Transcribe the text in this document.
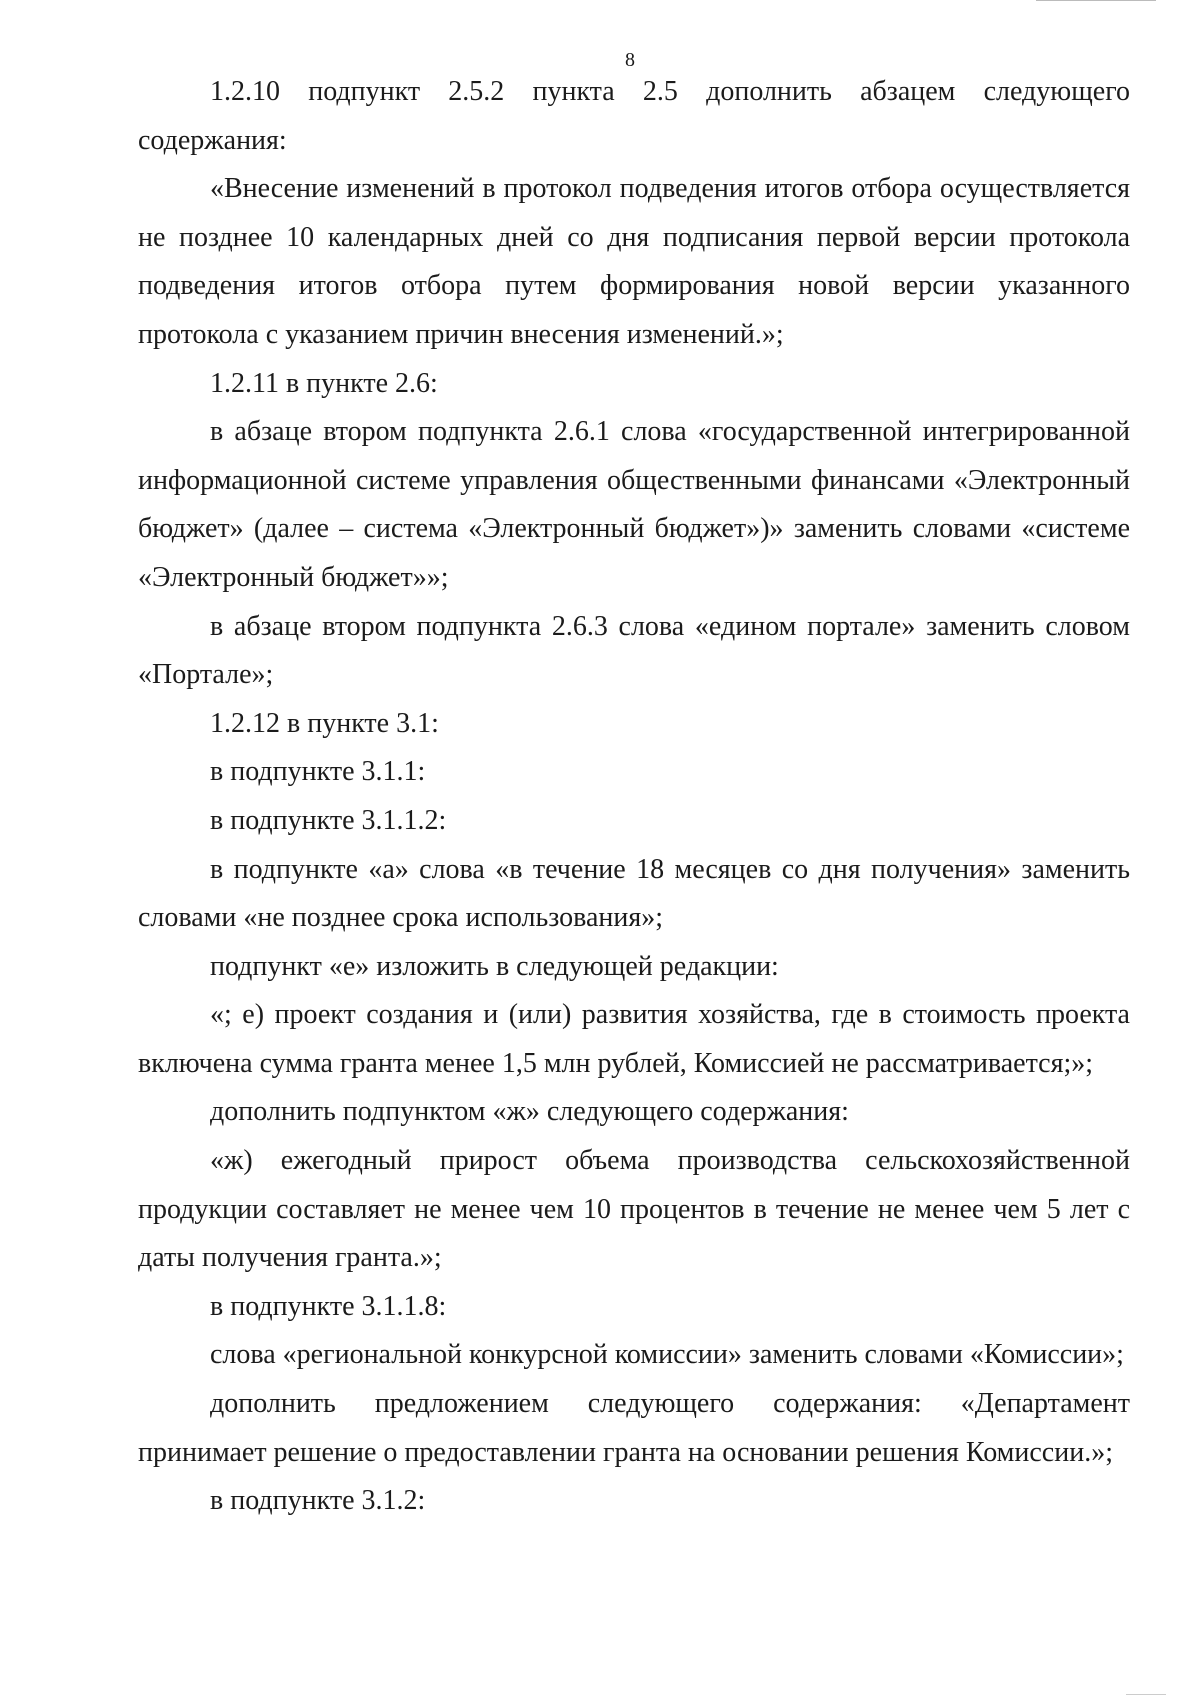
8

1.2.10 подпункт 2.5.2 пункта 2.5 дополнить абзацем следующего содержания:

«Внесение изменений в протокол подведения итогов отбора осуществляется не позднее 10 календарных дней со дня подписания первой версии протокола подведения итогов отбора путем формирования новой версии указанного протокола с указанием причин внесения изменений.»;

1.2.11 в пункте 2.6:

в абзаце втором подпункта 2.6.1 слова «государственной интегрированной информационной системе управления общественными финансами «Электронный бюджет» (далее – система «Электронный бюджет»)» заменить словами «системе «Электронный бюджет»»;

в абзаце втором подпункта 2.6.3 слова «едином портале» заменить словом «Портале»;

1.2.12 в пункте 3.1:

в подпункте 3.1.1:

в подпункте 3.1.1.2:

в подпункте «а» слова «в течение 18 месяцев со дня получения» заменить словами «не позднее срока использования»;

подпункт «е» изложить в следующей редакции:

«; е) проект создания и (или) развития хозяйства, где в стоимость проекта включена сумма гранта менее 1,5 млн рублей, Комиссией не рассматривается;»;

дополнить подпунктом «ж» следующего содержания:

«ж) ежегодный прирост объема производства сельскохозяйственной продукции составляет не менее чем 10 процентов в течение не менее чем 5 лет с даты получения гранта.»;

в подпункте 3.1.1.8:

слова «региональной конкурсной комиссии» заменить словами «Комиссии»;

дополнить предложением следующего содержания: «Департамент принимает решение о предоставлении гранта на основании решения Комиссии.»;

в подпункте 3.1.2:
